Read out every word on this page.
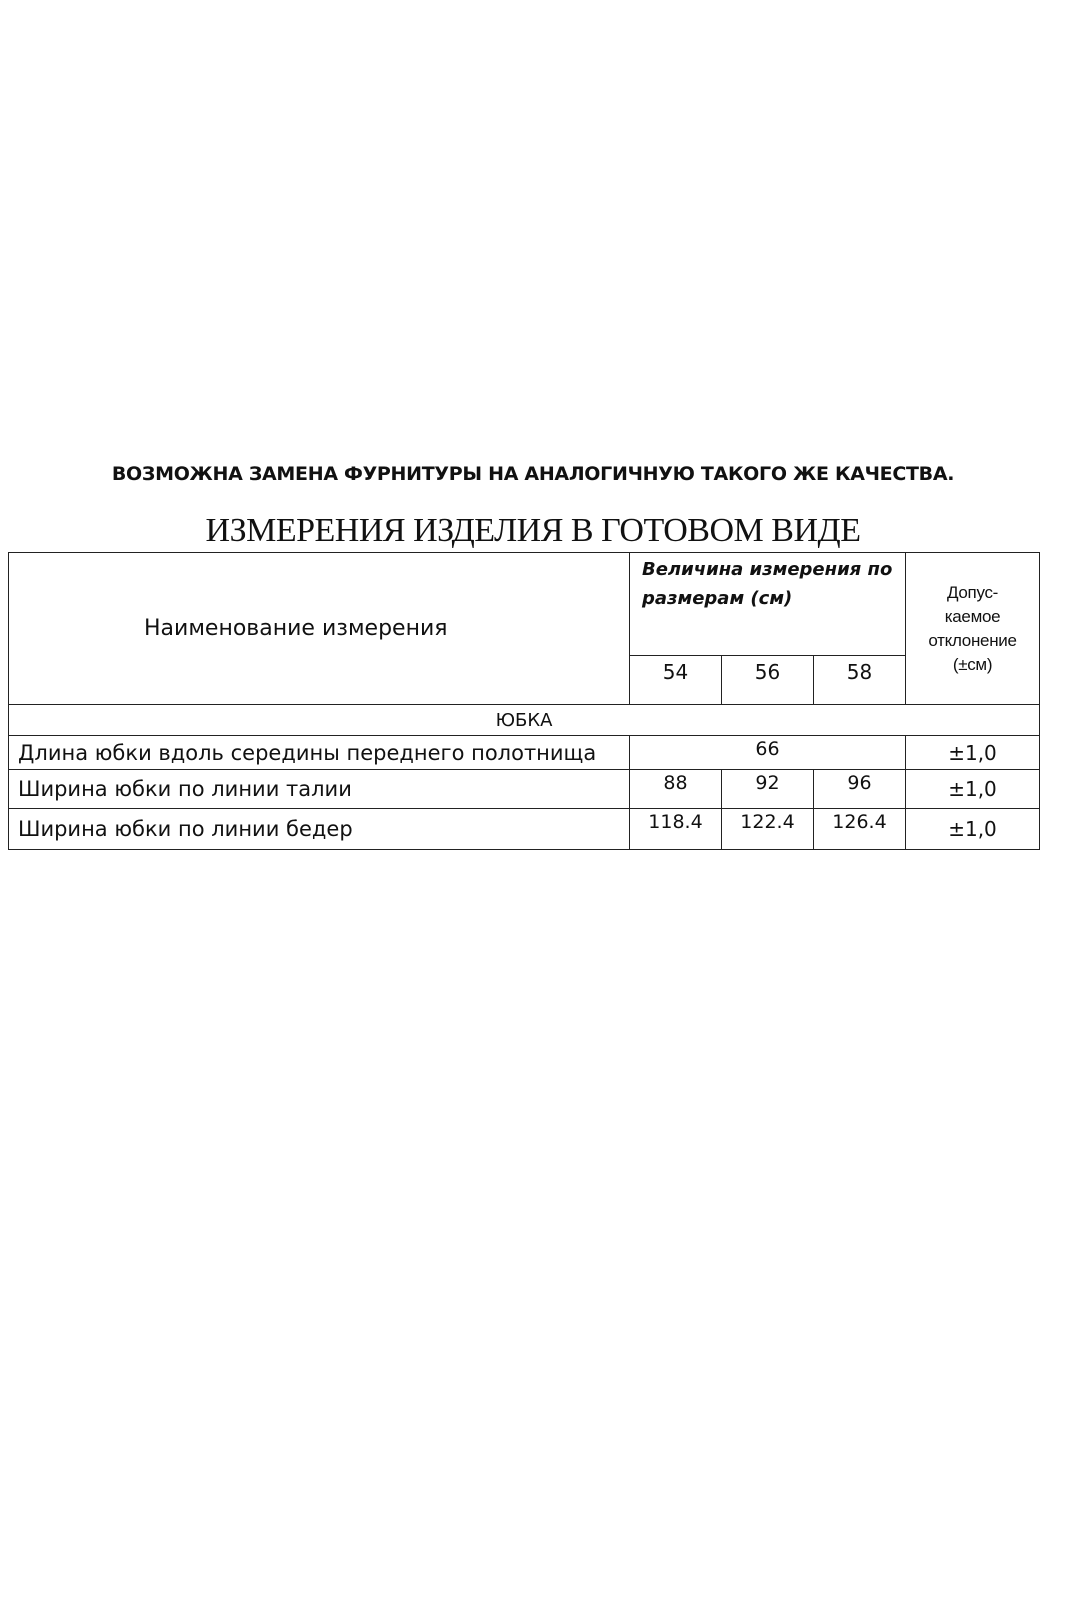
ВОЗМОЖНА ЗАМЕНА ФУРНИТУРЫ НА АНАЛОГИЧНУЮ ТАКОГО ЖЕ КАЧЕСТВА.
ИЗМЕРЕНИЯ ИЗДЕЛИЯ В ГОТОВОМ ВИДЕ
Наименование измерения	Величина измерения по размерам (см)			Допус-
каемое
отклонение
(±см)
	54	56	58	
ЮБКА				
Длина юбки вдоль середины переднего полотнища	66			±1,0
Ширина юбки по линии талии	88	92	96	±1,0
Ширина юбки по линии бедер	118.4	122.4	126.4	±1,0
